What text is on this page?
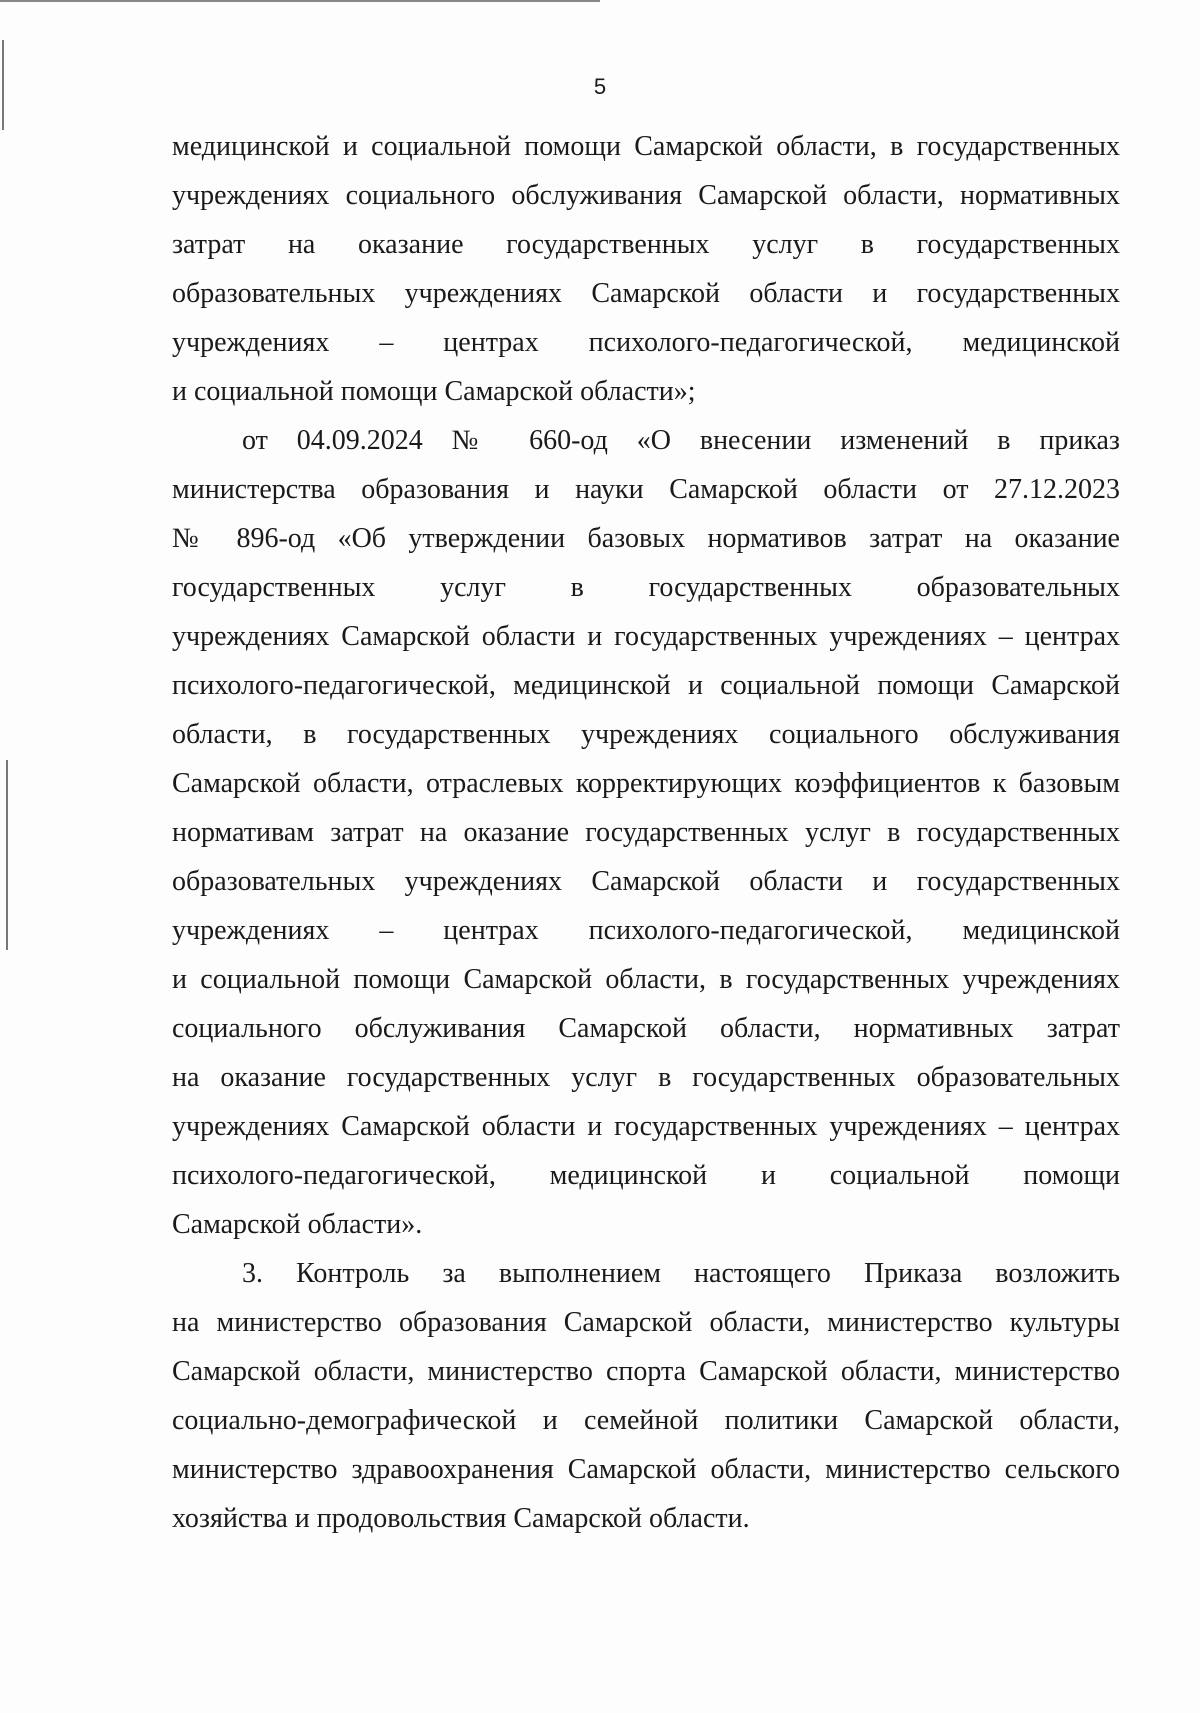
5
медицинской и социальной помощи Самарской области, в государственных
учреждениях социального обслуживания Самарской области, нормативных
затрат на оказание государственных услуг в государственных
образовательных учреждениях Самарской области и государственных
учреждениях – центрах психолого-педагогической, медицинской
и социальной помощи Самарской области»;
от 04.09.2024 № 660-од «О внесении изменений в приказ
министерства образования и науки Самарской области от 27.12.2023
№ 896-од «Об утверждении базовых нормативов затрат на оказание
государственных услуг в государственных образовательных
учреждениях Самарской области и государственных учреждениях – центрах
психолого-педагогической, медицинской и социальной помощи Самарской
области, в государственных учреждениях социального обслуживания
Самарской области, отраслевых корректирующих коэффициентов к базовым
нормативам затрат на оказание государственных услуг в государственных
образовательных учреждениях Самарской области и государственных
учреждениях – центрах психолого-педагогической, медицинской
и социальной помощи Самарской области, в государственных учреждениях
социального обслуживания Самарской области, нормативных затрат
на оказание государственных услуг в государственных образовательных
учреждениях Самарской области и государственных учреждениях – центрах
психолого-педагогической, медицинской и социальной помощи
Самарской области».
3. Контроль за выполнением настоящего Приказа возложить
на министерство образования Самарской области, министерство культуры
Самарской области, министерство спорта Самарской области, министерство
социально-демографической и семейной политики Самарской области,
министерство здравоохранения Самарской области, министерство сельского
хозяйства и продовольствия Самарской области.
